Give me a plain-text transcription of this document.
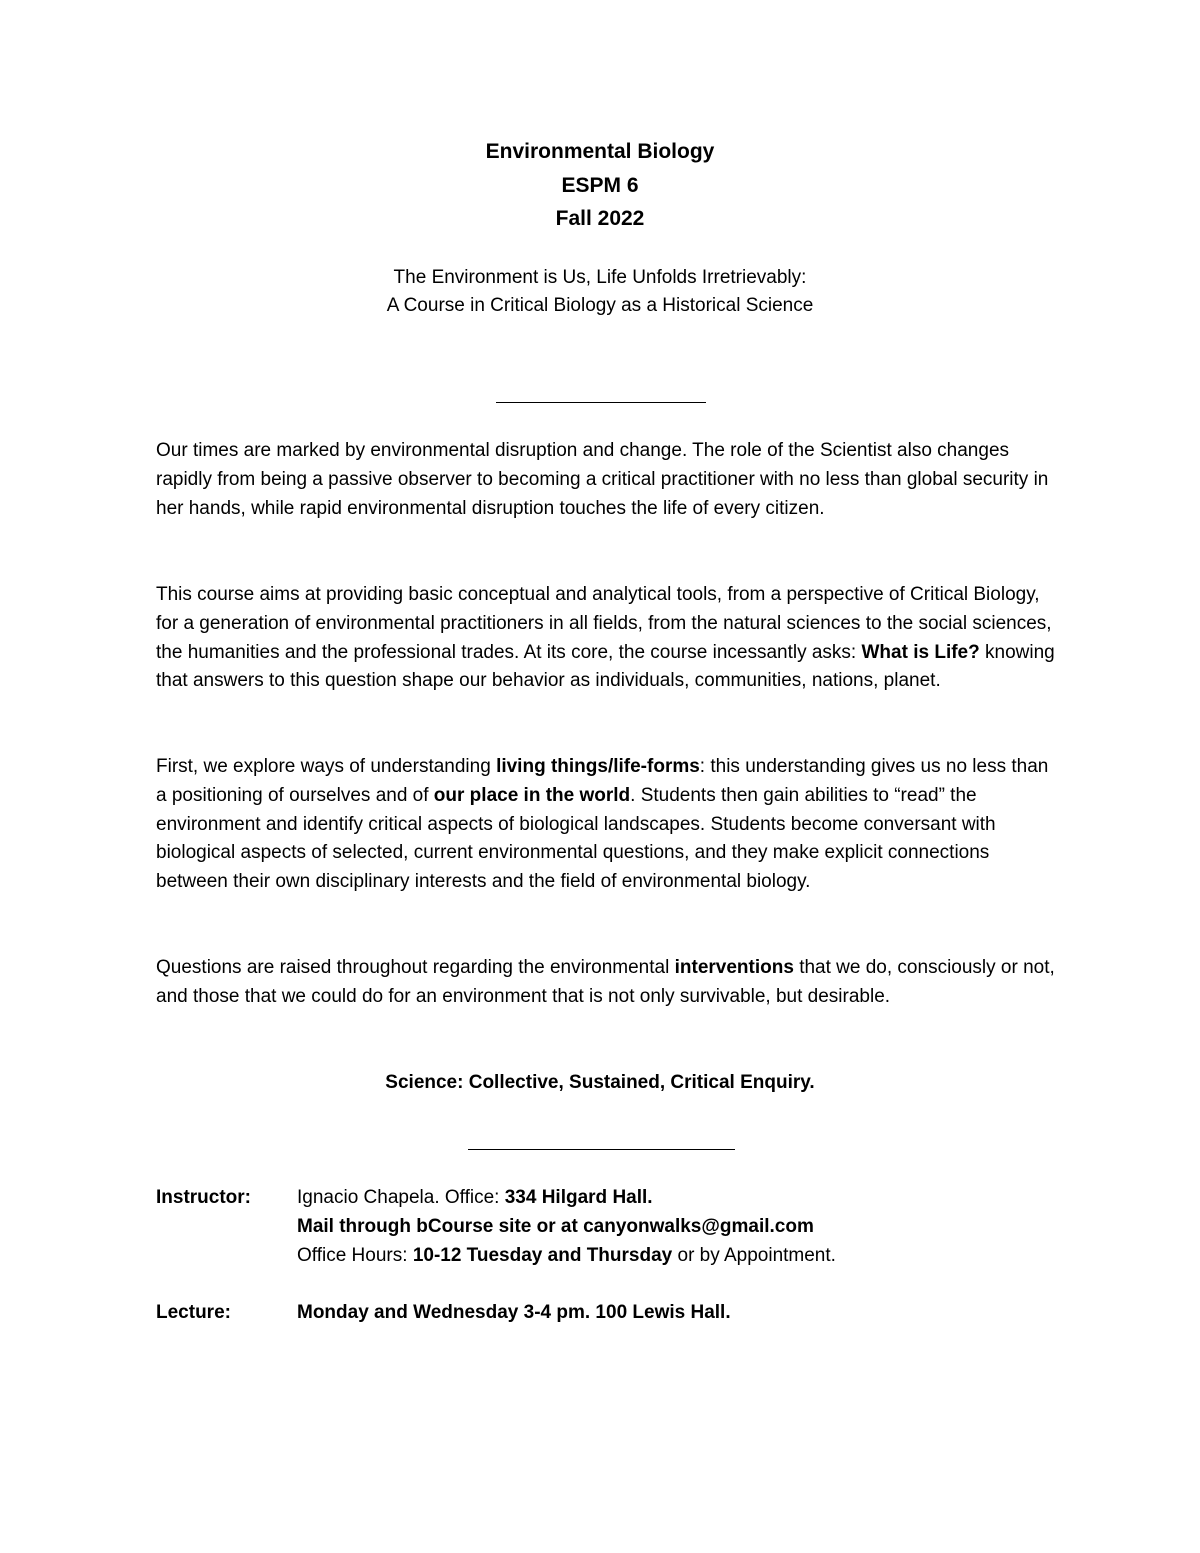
Environmental Biology
ESPM 6
Fall 2022
The Environment is Us, Life Unfolds Irretrievably:
A Course in Critical Biology as a Historical Science
Our times are marked by environmental disruption and change. The role of the Scientist also changes rapidly from being a passive observer to becoming a critical practitioner with no less than global security in her hands, while rapid environmental disruption touches the life of every citizen.
This course aims at providing basic conceptual and analytical tools, from a perspective of Critical Biology, for a generation of environmental practitioners in all fields, from the natural sciences to the social sciences, the humanities and the professional trades. At its core, the course incessantly asks: What is Life? knowing that answers to this question shape our behavior as individuals, communities, nations, planet.
First, we explore ways of understanding living things/life-forms: this understanding gives us no less than a positioning of ourselves and of our place in the world. Students then gain abilities to “read” the environment and identify critical aspects of biological landscapes. Students become conversant with biological aspects of selected, current environmental questions, and they make explicit connections between their own disciplinary interests and the field of environmental biology.
Questions are raised throughout regarding the environmental interventions that we do, consciously or not, and those that we could do for an environment that is not only survivable, but desirable.
Science: Collective, Sustained, Critical Enquiry.
Instructor: Ignacio Chapela. Office: 334 Hilgard Hall.
Mail through bCourse site or at canyonwalks@gmail.com
Office Hours: 10-12 Tuesday and Thursday or by Appointment.
Lecture:	Monday and Wednesday 3-4 pm. 100 Lewis Hall.
